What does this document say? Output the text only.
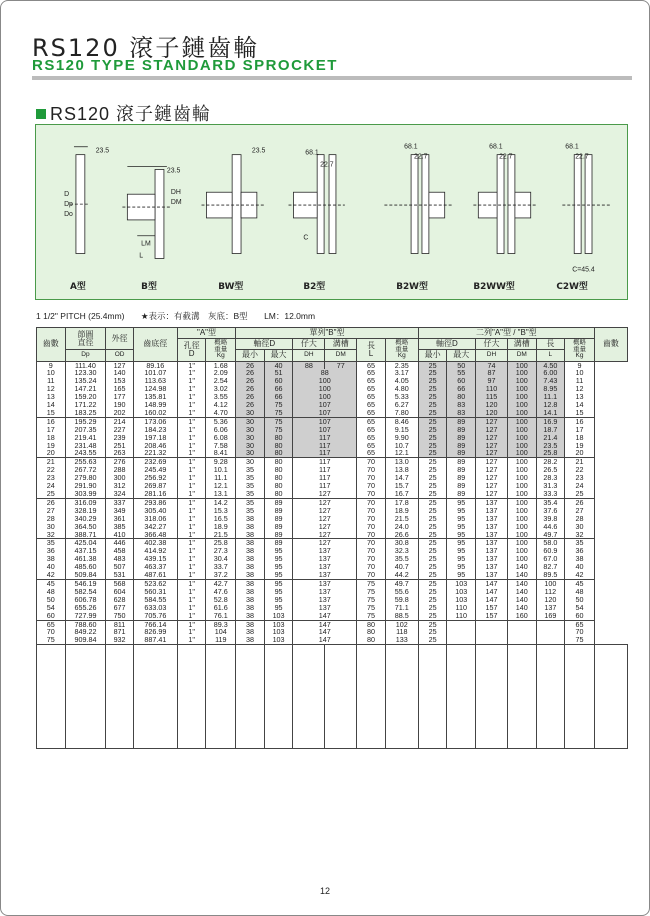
RS120 滾子鏈齒輪
RS120 TYPE STANDARD SPROCKET
RS120 滾子鏈齒輪
23.5
23.5
23.5	68.1
22.7
68.1
22.7
68.1
22.7
68.1
22.7
D
Dp
Do
DH
DM
LM
L
C
C=45.4
A型	B型	BW型	B2型	B2W型	B2WW型	C2W型
1 1/2" PITCH (25.4mm) ★表示：有截溝　灰底：B型 LM：12.0mm
齒數	節圓
直徑	外徑	齒底徑	"A"型		單列"B"型						二列"A"型 / "B"型						齒數
				孔徑
D	概略
重量
Kg	軸徑D		仔大	溝槽	長
L	概略
重量
Kg	軸徑D		仔大	溝槽	長	概略
重量
Kg	
	Dp	OD				最小	最大	DH	DM			最小	最大	DH	DM	L		
9	111.40	127	89.16	1"	1.68	26	40	88	77	65	2.35	25	50	74	100	4.50	9	
10	123.30	140	101.07	1"	2.09	26	51	88		65	3.17	25	55	87	100	6.00	10	
11	135.24	153	113.63	1"	2.54	26	60	100		65	4.05	25	60	97	100	7.43	11	
12	147.21	165	124.98	1"	3.02	26	66	100		65	4.80	25	66	110	100	8.95	12	
13	159.20	177	135.81	1"	3.55	26	66	100		65	5.33	25	80	115	100	11.1	13	
14	171.22	190	148.99	1"	4.12	26	75	107		65	6.27	25	83	120	100	12.8	14	
15	183.25	202	160.02	1"	4.70	30	75	107		65	7.80	25	83	120	100	14.1	15	
16	195.29	214	173.06	1"	5.36	30	75	107		65	8.46	25	89	127	100	16.9	16	
17	207.35	227	184.23	1"	6.06	30	75	107		65	9.15	25	89	127	100	18.7	17	
18	219.41	239	197.18	1"	6.08	30	80	117		65	9.90	25	89	127	100	21.4	18	
19	231.48	251	208.46	1"	7.58	30	80	117		65	10.7	25	89	127	100	23.5	19	
20	243.55	263	221.32	1"	8.41	30	80	117		65	12.1	25	89	127	100	25.8	20	
21	255.63	276	232.69	1"	9.28	30	80	117		70	13.0	25	89	127	100	28.2	21	
22	267.72	288	245.49	1"	10.1	35	80	117		70	13.8	25	89	127	100	26.5	22	
23	279.80	300	256.92	1"	11.1	35	80	117		70	14.7	25	89	127	100	28.3	23	
24	291.90	312	269.87	1"	12.1	35	80	117		70	15.7	25	89	127	100	31.3	24	
25	303.99	324	281.16	1"	13.1	35	80	127		70	16.7	25	89	127	100	33.3	25	
26	316.09	337	293.86	1"	14.2	35	89	127		70	17.8	25	95	137	100	35.4	26	
27	328.19	349	305.40	1"	15.3	35	89	127		70	18.9	25	95	137	100	37.6	27	
28	340.29	361	318.06	1"	16.5	38	89	127		70	21.5	25	95	137	100	39.8	28	
30	364.50	385	342.27	1"	18.9	38	89	127		70	24.0	25	95	137	100	44.6	30	
32	388.71	410	366.48	1"	21.5	38	89	127		70	26.6	25	95	137	100	49.7	32	
35	425.04	446	402.38	1"	25.8	38	89	127		70	30.8	25	95	137	100	58.0	35	
36	437.15	458	414.92	1"	27.3	38	95	137		70	32.3	25	95	137	100	60.9	36	
38	461.38	483	439.15	1"	30.4	38	95	137		70	35.5	25	95	137	100	67.0	38	
40	485.60	507	463.37	1"	33.7	38	95	137		70	40.7	25	95	137	140	82.7	40	
42	509.84	531	487.61	1"	37.2	38	95	137		70	44.2	25	95	137	140	89.5	42	
45	546.19	568	523.62	1"	42.7	38	95	137		75	49.7	25	103	147	140	100	45	
48	582.54	604	560.31	1"	47.6	38	95	137		75	55.6	25	103	147	140	112	48	
50	606.78	628	584.55	1"	52.8	38	95	137		75	59.8	25	103	147	140	120	50	
54	655.26	677	633.03	1"	61.6	38	95	137		75	71.1	25	110	157	140	137	54	
60	727.99	750	705.76	1"	76.1	38	103	147		75	88.5	25	110	157	160	169	60	
65	788.60	811	766.14	1"	89.3	38	103	147		80	102	25					65	
70	849.22	871	826.99	1"	104	38	103	147		80	118	25					70	
75	909.84	932	887.41	1"	119	38	103	147		80	133	25					75	

12
